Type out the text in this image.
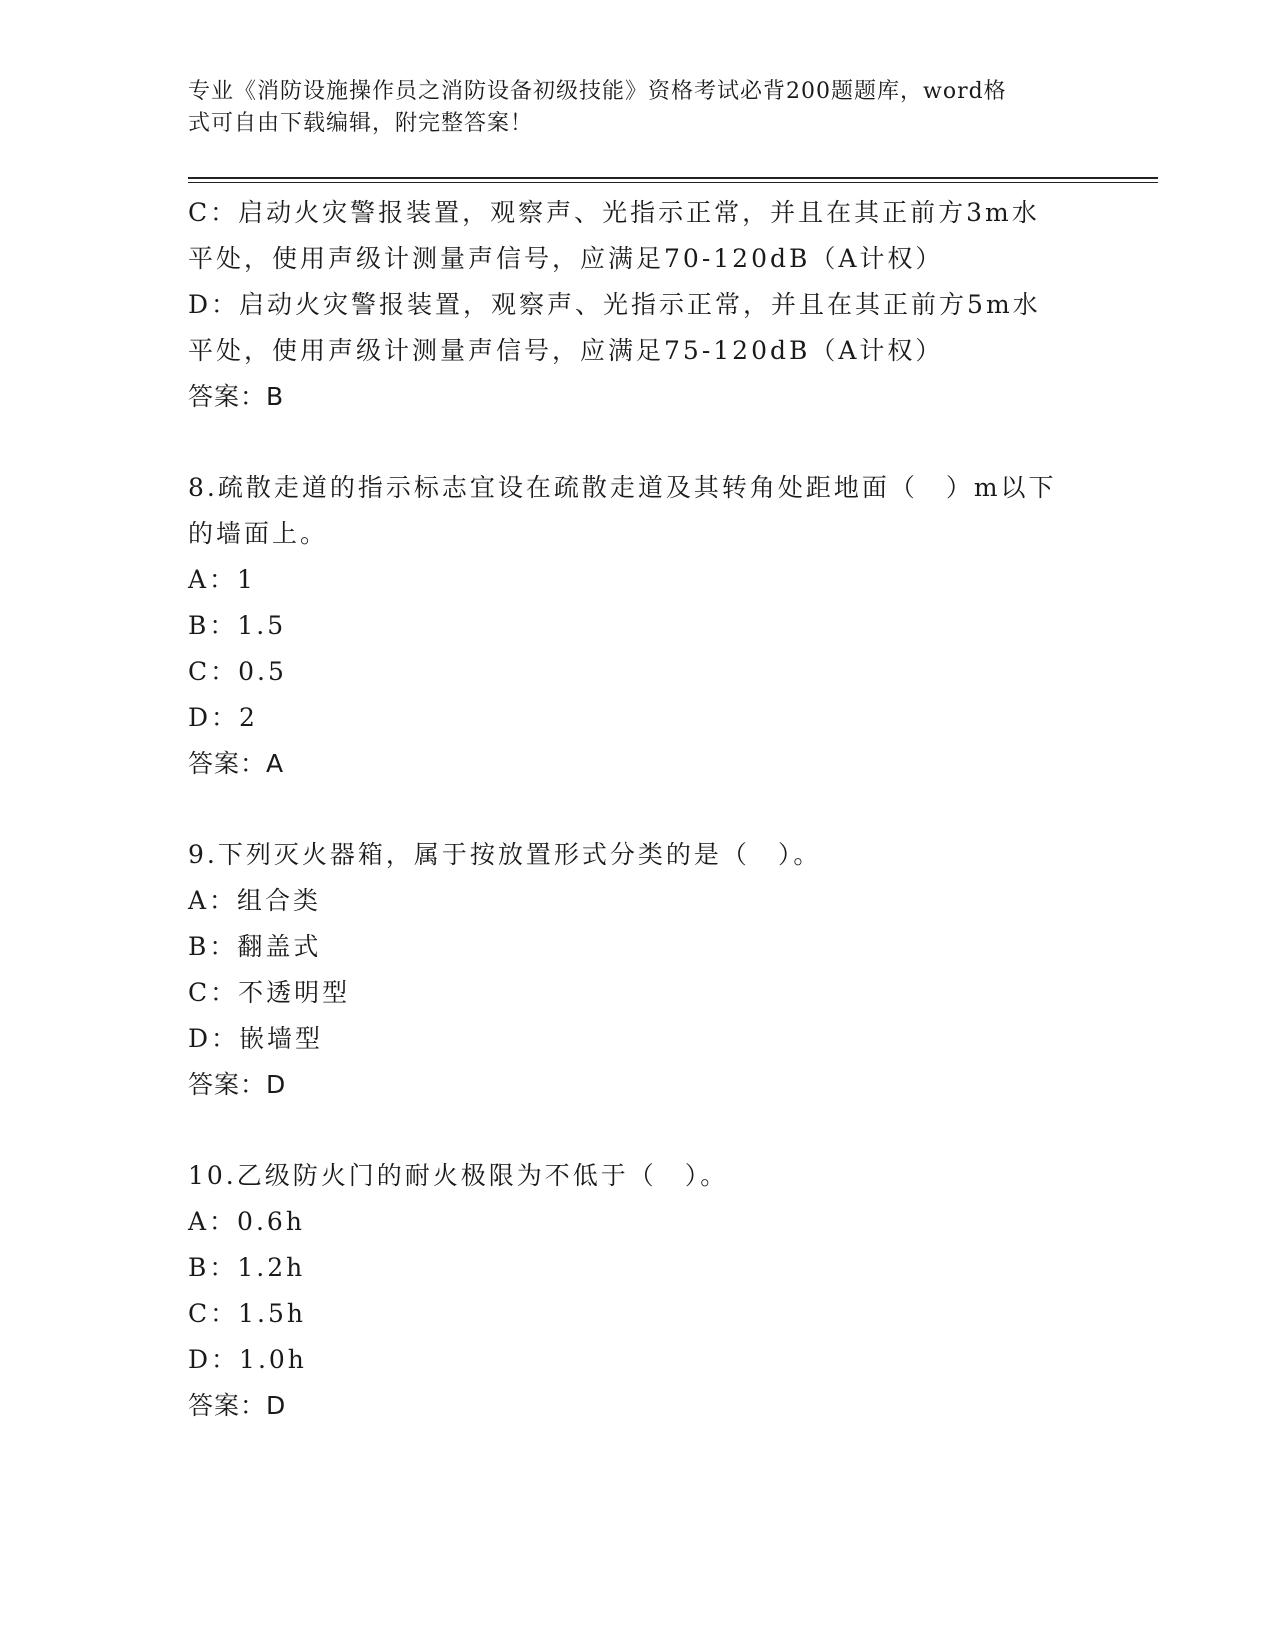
专业《消防设施操作员之消防设备初级技能》资格考试必背200题题库，word格
式可自由下载编辑，附完整答案！
C：启动火灾警报装置，观察声、光指示正常，并且在其正前方3m水
平处，使用声级计测量声信号，应满足70-120dB（A计权）
D：启动火灾警报装置，观察声、光指示正常，并且在其正前方5m水
平处，使用声级计测量声信号，应满足75-120dB（A计权）
答案：B
8.疏散走道的指示标志宜设在疏散走道及其转角处距地面（　）m以下
的墙面上。
A：1
B：1.5
C：0.5
D：2
答案：A
9.下列灭火器箱，属于按放置形式分类的是（　）。
A：组合类
B：翻盖式
C：不透明型
D：嵌墙型
答案：D
10.乙级防火门的耐火极限为不低于（　）。
A：0.6h
B：1.2h
C：1.5h
D：1.0h
答案：D
